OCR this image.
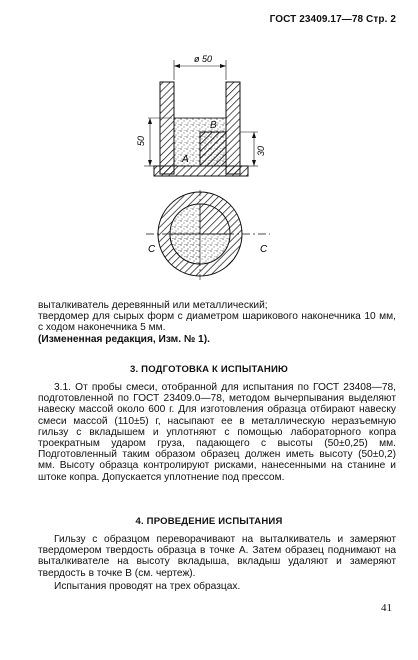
ГОСТ 23409.17—78 Стр. 2
ø 50
50
30
A
B
C	C
выталкиватель деревянный или металлический;
твердомер для сырых форм с диаметром шарикового наконечника 10 мм, с ходом наконечника 5 мм.
(Измененная редакция, Изм. № 1).
3. ПОДГОТОВКА К ИСПЫТАНИЮ
3.1. От пробы смеси, отобранной для испытания по ГОСТ 23408—78, подготовленной по ГОСТ 23409.0—78, методом вычерпывания выделяют навеску массой около 600 г. Для изготовления образца отбирают навеску смеси массой (110±5) г, насыпают ее в металлическую неразъемную гильзу с вкладышем и уплотняют с помощью лабораторного копра троекратным ударом груза, падающего с высоты (50±0,25) мм. Подготовленный таким образом образец должен иметь высоту (50±0,2) мм. Высоту образца контролируют рисками, нанесенными на станине и штоке копра. Допускается уплотнение под прессом.
4. ПРОВЕДЕНИЕ ИСПЫТАНИЯ
Гильзу с образцом переворачивают на выталкиватель и замеряют твердомером твердость образца в точке A. Затем образец поднимают на выталкивателе на высоту вкладыша, вкладыш удаляют и замеряют твердость в точке B (см. чертеж).
Испытания проводят на трех образцах.
41
